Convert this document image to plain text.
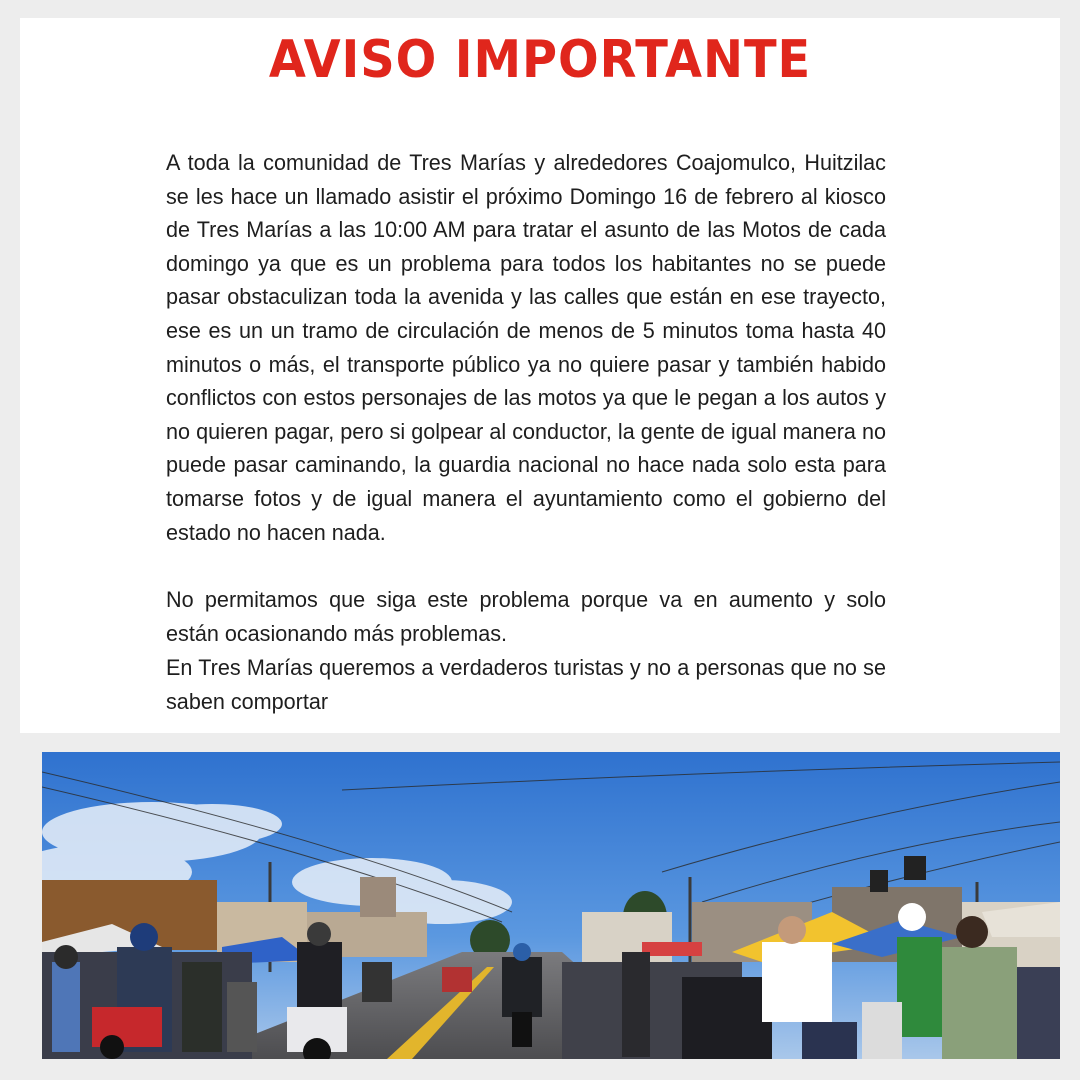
AVISO IMPORTANTE

A toda la comunidad de Tres Marías y alrededores Coajomulco, Huitzilac se les hace un llamado asistir el próximo Domingo 16 de febrero al kiosco de Tres Marías a las 10:00 AM para tratar el asunto de las Motos de cada domingo ya que es un problema para todos los habitantes no se puede pasar obstaculizan toda la avenida y las calles que están en ese trayecto, ese es un un tramo de circulación de menos de 5 minutos toma hasta 40 minutos o más, el transporte público ya no quiere pasar y también habido conflictos con estos personajes de las motos ya que le pegan a los autos y no quieren pagar, pero si golpear al conductor, la gente de igual manera no puede pasar caminando, la guardia nacional no hace nada solo esta para tomarse fotos y de igual manera el ayuntamiento como el gobierno del estado no hacen nada.

No permitamos que siga este problema porque va en aumento y solo están ocasionando más problemas.

En Tres Marías queremos a verdaderos turistas y no a personas que no se saben comportar
